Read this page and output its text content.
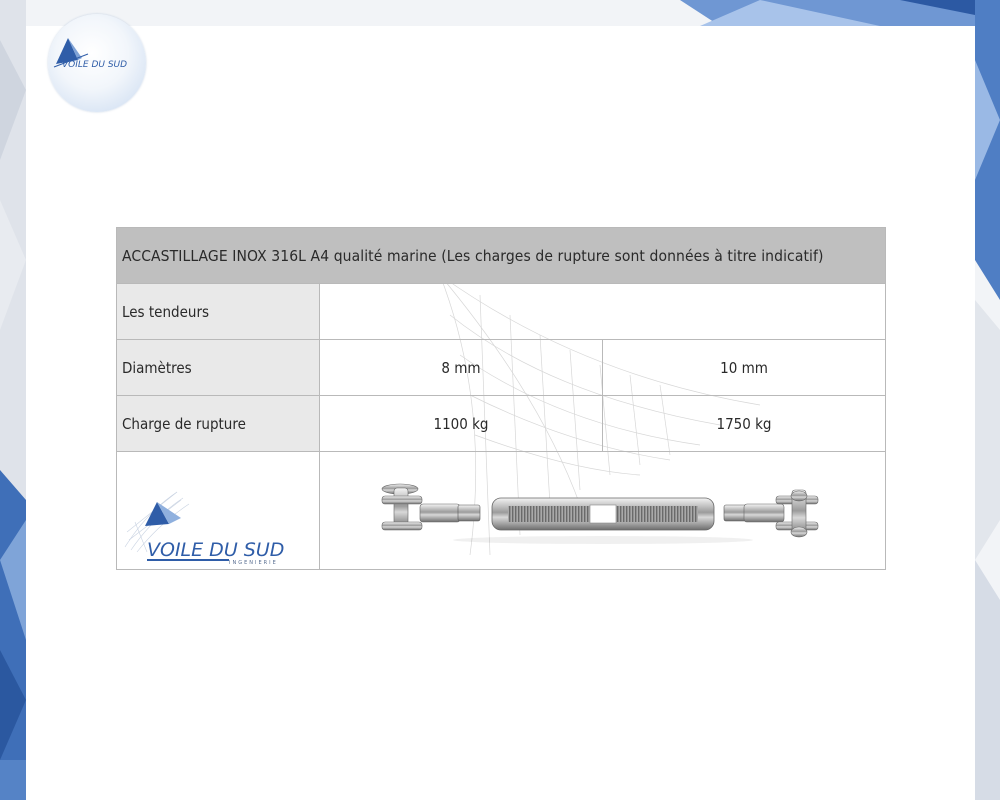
VOILE DU SUD
ACCASTILLAGE INOX 316L A4 qualité marine (Les charges de rupture sont données à titre indicatif)		
Les tendeurs		
Diamètres	8 mm	10 mm
Charge de rupture	1100 kg	1750 kg

VOILE DU SUD
INGENIERIE
